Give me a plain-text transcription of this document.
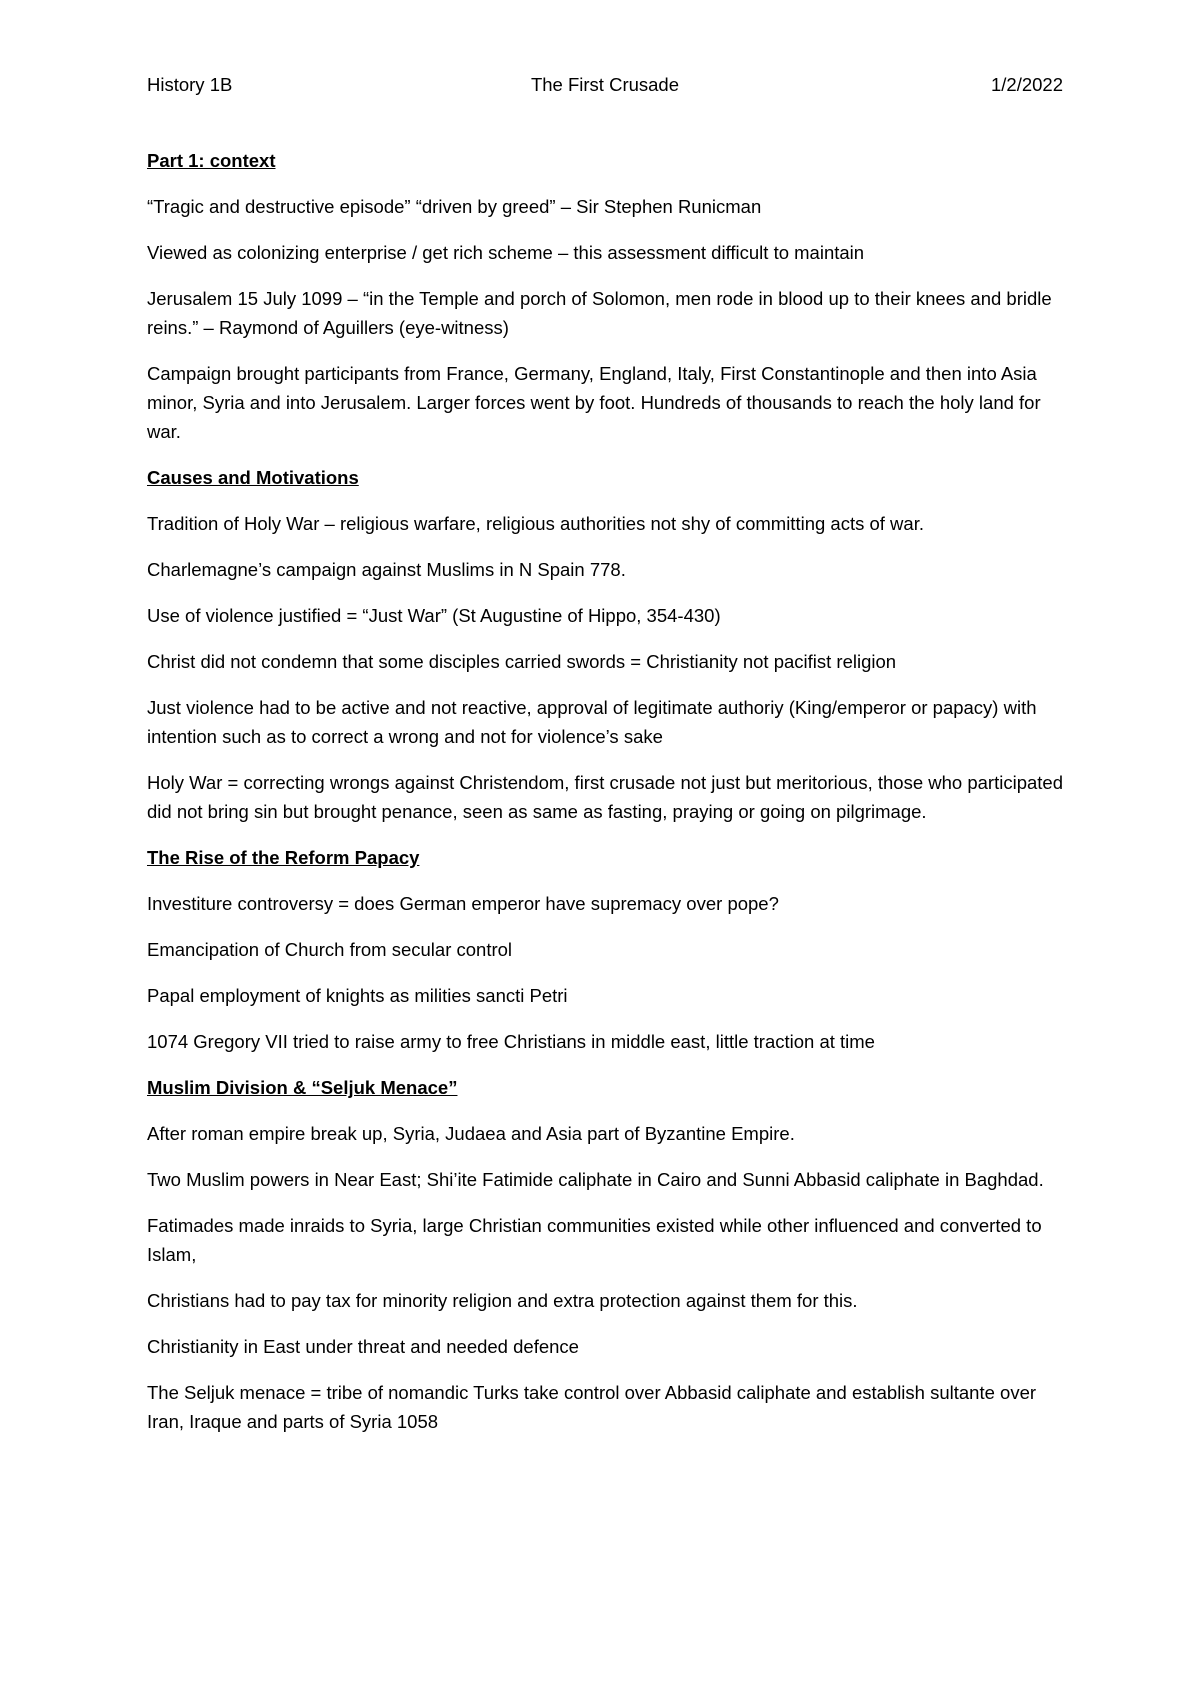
History 1B	The First Crusade	1/2/2022

Part 1: context

“Tragic and destructive episode” “driven by greed” – Sir Stephen Runicman

Viewed as colonizing enterprise / get rich scheme – this assessment difficult to maintain

Jerusalem 15 July 1099 – “in the Temple and porch of Solomon, men rode in blood up to their knees and bridle reins.” – Raymond of Aguillers (eye-witness)

Campaign brought participants from France, Germany, England, Italy, First Constantinople and then into Asia minor, Syria and into Jerusalem. Larger forces went by foot. Hundreds of thousands to reach the holy land for war.

Causes and Motivations

Tradition of Holy War – religious warfare, religious authorities not shy of committing acts of war.

Charlemagne’s campaign against Muslims in N Spain 778.

Use of violence justified = “Just War” (St Augustine of Hippo, 354-430)

Christ did not condemn that some disciples carried swords = Christianity not pacifist religion

Just violence had to be active and not reactive, approval of legitimate authoriy (King/emperor or papacy) with intention such as to correct a wrong and not for violence’s sake

Holy War = correcting wrongs against Christendom, first crusade not just but meritorious, those who participated did not bring sin but brought penance, seen as same as fasting, praying or going on pilgrimage.

The Rise of the Reform Papacy

Investiture controversy = does German emperor have supremacy over pope?

Emancipation of Church from secular control

Papal employment of knights as milities sancti Petri

1074 Gregory VII tried to raise army to free Christians in middle east, little traction at time

Muslim Division & “Seljuk Menace”

After roman empire break up, Syria, Judaea and Asia part of Byzantine Empire.

Two Muslim powers in Near East; Shi’ite Fatimide caliphate in Cairo and Sunni Abbasid caliphate in Baghdad.

Fatimades made inraids to Syria, large Christian communities existed while other influenced and converted to Islam,

Christians had to pay tax for minority religion and extra protection against them for this.

Christianity in East under threat and needed defence

The Seljuk menace = tribe of nomandic Turks take control over Abbasid caliphate and establish sultante over Iran, Iraque and parts of Syria 1058
